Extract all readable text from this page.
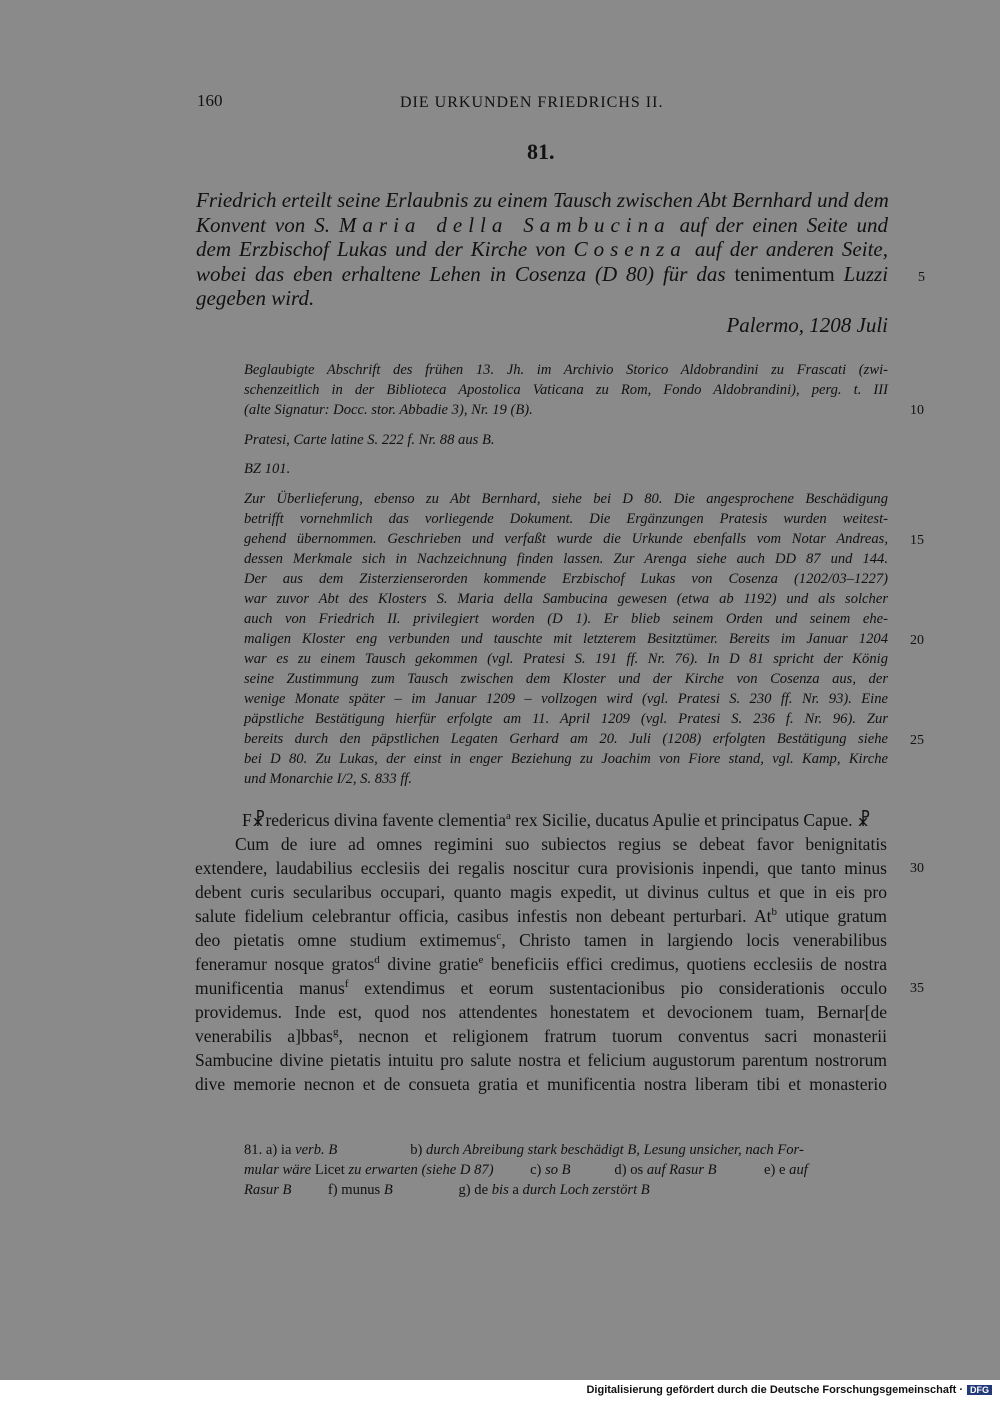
160	DIE URKUNDEN FRIEDRICHS II.
81.
Friedrich erteilt seine Erlaubnis zu einem Tausch zwischen Abt Bernhard und dem
Konvent von S. Maria della Sambucina auf der einen Seite und
dem Erzbischof Lukas und der Kirche von Cosenza auf der anderen Seite,
wobei das eben erhaltene Lehen in Cosenza (D 80) für das tenimentum Luzzi
gegeben wird.
Palermo, 1208 Juli
Beglaubigte Abschrift des frühen 13. Jh. im Archivio Storico Aldobrandini zu Frascati (zwi-
schenzeitlich in der Biblioteca Apostolica Vaticana zu Rom, Fondo Aldobrandini), perg. t. III
(alte Signatur: Docc. stor. Abbadie 3), Nr. 19 (B).
Pratesi, Carte latine S. 222 f. Nr. 88 aus B.
BZ 101.
Zur Überlieferung, ebenso zu Abt Bernhard, siehe bei D 80. Die angesprochene Beschädigung
betrifft vornehmlich das vorliegende Dokument. Die Ergänzungen Pratesis wurden weitest-
gehend übernommen. Geschrieben und verfaßt wurde die Urkunde ebenfalls vom Notar Andreas,
dessen Merkmale sich in Nachzeichnung finden lassen. Zur Arenga siehe auch DD 87 und 144.
Der aus dem Zisterzienserorden kommende Erzbischof Lukas von Cosenza (1202/03–1227)
war zuvor Abt des Klosters S. Maria della Sambucina gewesen (etwa ab 1192) und als solcher
auch von Friedrich II. privilegiert worden (D 1). Er blieb seinem Orden und seinem ehe-
maligen Kloster eng verbunden und tauschte mit letzterem Besitztümer. Bereits im Januar 1204
war es zu einem Tausch gekommen (vgl. Pratesi S. 191 ff. Nr. 76). In D 81 spricht der König
seine Zustimmung zum Tausch zwischen dem Kloster und der Kirche von Cosenza aus, der
wenige Monate später – im Januar 1209 – vollzogen wird (vgl. Pratesi S. 230 ff. Nr. 93). Eine
päpstliche Bestätigung hierfür erfolgte am 11. April 1209 (vgl. Pratesi S. 236 f. Nr. 96). Zur
bereits durch den päpstlichen Legaten Gerhard am 20. Juli (1208) erfolgten Bestätigung siehe
bei D 80. Zu Lukas, der einst in enger Beziehung zu Joachim von Fiore stand, vgl. Kamp, Kirche
und Monarchie I/2, S. 833 ff.
F☧redericus divina favente clementia$^a$ rex Sicilie, ducatus Apulie et principatus Capue. ☧
Cum de iure ad omnes regimini suo subiectos regius se debeat favor benignitatis
extendere, laudabilius ecclesiis dei regalis noscitur cura provisionis inpendi, que tanto minus
debent curis secularibus occupari, quanto magis expedit, ut divinus cultus et que in eis pro
salute fidelium celebrantur officia, casibus infestis non debeant perturbari. At$^b$ utique gratum
deo pietatis omne studium extimemus$^c$, Christo tamen in largiendo locis venerabilibus
feneramur nosque gratos$^d$ divine gratie$^e$ beneficiis effici credimus, quotiens ecclesiis de nostra
munificentia manus$^f$ extendimus et eorum sustentacionibus pio considerationis occulo
providemus. Inde est, quod nos attendentes honestatem et devocionem tuam, Bernar[de
venerabilis a]bbas$^g$, necnon et religionem fratrum tuorum conventus sacri monasterii
Sambucine divine pietatis intuitu pro salute nostra et felicium augustorum parentum nostrorum
dive memorie necnon et de consueta gratia et munificentia nostra liberam tibi et monasterio
5
10
15
20
25
30
35
81. a) ia verb. B	b) durch Abreibung stark beschädigt B, Lesung unsicher, nach For-
mular wäre Licet zu erwarten (siehe D 87) c) so B	d) os auf Rasur B	e) e auf
Rasur B f) munus B	g) de bis a durch Loch zerstört B
Digitalisierung gefördert durch die Deutsche Forschungsgemeinschaft · DFG
